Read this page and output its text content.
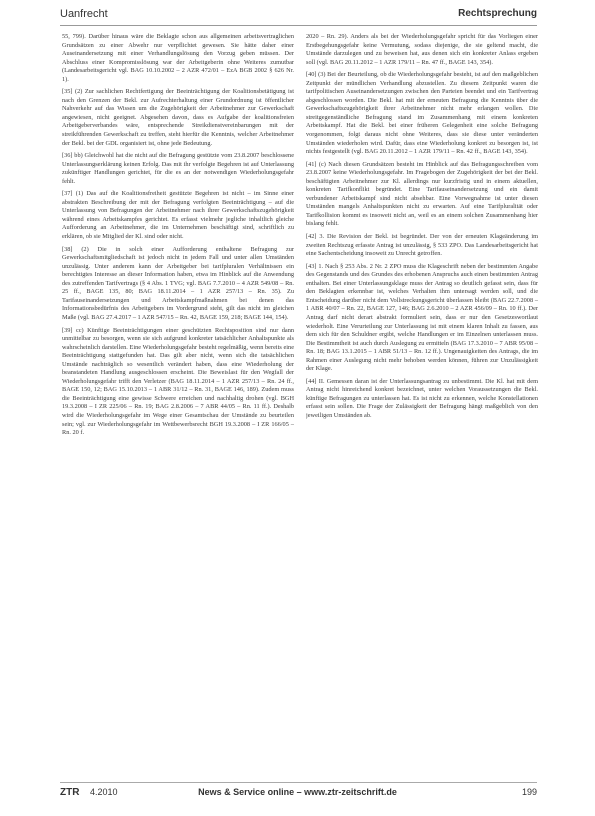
Uanfrecht	Rechtsprechung

55, 799). Darüber hinaus wäre die Beklagte schon aus allgemeinen arbeitsvertraglichen Grundsätzen zu einer Abwehr nur verpflichtet gewesen. Sie hätte daher einer Auseinandersetzung mit einer Verhandlungslösung den Vorzug geben müssen. Der Abschluss einer Kompromisslösung war der Arbeitgeberin ohne Weiteres zumutbar (Landesarbeitsgericht vgl. BAG 10.10.2002 – 2 AZR 472/01 – EzA BGB 2002 § 626 Nr. 1).

[35] (2) Zur sachlichen Rechtfertigung der Beeinträchtigung der Koalitionsbetätigung ist nach den Grenzen der Bekl. zur Aufrechterhaltung einer Grundordnung ist öffentlicher Nahverkehr auf das Wissen um die Zugehörigkeit der Arbeitnehmer zur Gewerkschaft angewiesen, nicht geeignet. Abgesehen davon, dass es Aufgabe der koalitionsfreien Arbeitgeberverbandes wäre, entsprechende Streikdienstvereinbarungen mit der streikführenden Gewerkschaft zu treffen, steht hierfür die Kenntnis, welcher Arbeitnehmer der Bekl. bei der GDL organisiert ist, ohne jede Bedeutung.

[36] bb) Gleichwohl hat die nicht auf die Befragung gestützte vom 23.8.2007 beschlossene Unterlassungserklärung keinen Erfolg. Das mit ihr verfolgte Begehren ist auf Unterlassung zukünftiger Handlungen gerichtet, für die es an der notwendigen Wiederholungsgefahr fehlt.

[37] (1) Das auf die Koalitionsfreiheit gestützte Begehren ist nicht – im Sinne einer abstrakten Beschreibung der mit der Befragung verfolgten Beeinträchtigung – auf die Unterlassung von Befragungen der Arbeitnehmer nach ihrer Gewerkschaftszugehörigkeit während eines Arbeitskampfes gerichtet. Es erfasst vielmehr jegliche inhaltlich gleiche Aufforderung an Arbeitnehmer, die im Unternehmen beschäftigt sind, schriftlich zu erklären, ob sie Mitglied der Kl. sind oder nicht.

[38] (2) Die in solch einer Aufforderung enthaltene Befragung zur Gewerkschaftsmitgliedschaft ist jedoch nicht in jedem Fall und unter allen Umständen unzulässig. Unter anderem kann der Arbeitgeber bei tarifpluralen Verhältnissen ein berechtigtes Interesse an dieser Information haben, etwa im Hinblick auf die Anwendung des zutreffenden Tarifvertrags (§ 4 Abs. 1 TVG; vgl. BAG 7.7.2010 – 4 AZR 549/08 – Rn. 25 ff., BAGE 135, 80; BAG 18.11.2014 – 1 AZR 257/13 – Rn. 35). Zu Tarifauseinandersetzungen und Arbeitskampfmaßnahmen bei denen das Informationsbedürfnis des Arbeitgebers im Vordergrund steht, gilt das nicht im gleichen Maße (vgl. BAG 27.4.2017 – 1 AZR 547/15 – Rn. 42, BAGE 159, 218; BAGE 144, 154).

[39] cc) Künftige Beeinträchtigungen einer geschützten Rechtsposition sind nur dann unmittelbar zu besorgen, wenn sie sich aufgrund konkreter tatsächlicher Anhaltspunkte als wahrscheinlich darstellen. Eine Wiederholungsgefahr besteht regelmäßig, wenn bereits eine Beeinträchtigung stattgefunden hat. Das gilt aber nicht, wenn sich die tatsächlichen Umstände nachträglich so wesentlich verändert haben, dass eine Wiederholung der beanstandeten Handlung ausgeschlossen erscheint. Die Beweislast für den Wegfall der Wiederholungsgefahr trifft den Verletzer (BAG 18.11.2014 – 1 AZR 257/13 – Rn. 24 ff., BAGE 150, 12; BAG 15.10.2013 – 1 ABR 31/12 – Rn. 31, BAGE 146, 189). Zudem muss die Beeinträchtigung eine gewisse Schwere erreichen und nachhaltig drohen (vgl. BGH 19.3.2008 – I ZR 225/06 – Rn. 19; BAG 2.8.2006 – 7 ABR 44/05 – Rn. 11 ff.). Deshalb wird die Wiederholungsgefahr im Wege einer Gesamtschau der Umstände zu beurteilen sein; vgl. zur Wiederholungsgefahr im Wettbewerbsrecht BGH 19.3.2008 – I ZR 166/05 – Rn. 20 f.

2020 – Rn. 29). Anders als bei der Wiederholungsgefahr spricht für das Vorliegen einer Erstbegehungsgefahr keine Vermutung, sodass diejenige, die sie geltend macht, die Umstände darzulegen und zu beweisen hat, aus denen sich ein konkreter Anlass ergeben soll (vgl. BAG 20.11.2012 – 1 AZR 179/11 – Rn. 47 ff., BAGE 143, 354).

[40] (3) Bei der Beurteilung, ob die Wiederholungsgefahr besteht, ist auf den maßgeblichen Zeitpunkt der mündlichen Verhandlung abzustellen. Zu diesem Zeitpunkt waren die tarifpolitischen Auseinandersetzungen zwischen den Parteien beendet und ein Tarifvertrag abgeschlossen worden. Die Bekl. hat mit der erneuten Befragung die Kenntnis über die Gewerkschaftszugehörigkeit ihrer Arbeitnehmer nicht mehr erlangen wollen. Die streitgegenständliche Befragung stand im Zusammenhang mit einem konkreten Arbeitskampf. Hat die Bekl. bei einer früheren Gelegenheit eine solche Befragung vorgenommen, folgt daraus nicht ohne Weiteres, dass sie diese unter veränderten Umständen wiederholen wird. Dafür, dass eine Wiederholung konkret zu besorgen ist, ist nichts festgestellt (vgl. BAG 20.11.2012 – 1 AZR 179/11 – Rn. 42 ff., BAGE 143, 354).

[41] (c) Nach diesen Grundsätzen besteht im Hinblick auf das Befragungsschreiben vom 23.8.2007 keine Wiederholungsgefahr. Im Fragebogen der Zugehörigkeit der bei der Bekl. beschäftigten Arbeitnehmer zur Kl. allerdings nur kurzfristig und in einem aktuellen, konkreten Tarifkonflikt begründet. Eine Tarifauseinandersetzung und ein damit verbundener Arbeitskampf sind nicht absehbar. Eine Vorwegnahme ist unter diesen Umständen mangels Anhaltspunkten nicht zu erwarten. Auf eine Tarifpluralität oder Tarifkollision kommt es insoweit nicht an, weil es an einem solchen Zusammenhang hier bislang fehlt.

[42] 3. Die Revision der Bekl. ist begründet. Der von der erneuten Klageänderung im zweiten Rechtszug erfasste Antrag ist unzulässig, § 533 ZPO. Das Landesarbeitsgericht hat eine Sachentscheidung insoweit zu Unrecht getroffen.

[43] 1. Nach § 253 Abs. 2 Nr. 2 ZPO muss die Klageschrift neben der bestimmten Angabe des Gegenstands und des Grundes des erhobenen Anspruchs auch einen bestimmten Antrag enthalten. Bei einer Unterlassungsklage muss der Antrag so deutlich gefasst sein, dass für den Beklagten erkennbar ist, welches Verhalten ihm untersagt werden soll, und die Entscheidung darüber nicht dem Vollstreckungsgericht überlassen bleibt (BAG 22.7.2008 – 1 ABR 40/07 – Rn. 22, BAGE 127, 146; BAG 2.6.2010 – 2 AZR 456/09 – Rn. 10 ff.). Der Antrag darf nicht derart abstrakt formuliert sein, dass er nur den Gesetzeswortlaut wiederholt. Eine Verurteilung zur Unterlassung ist mit einem klaren Inhalt zu fassen, aus dem sich für den Schuldner ergibt, welche Handlungen er im Einzelnen unterlassen muss. Die Bestimmtheit ist auch durch Auslegung zu ermitteln (BAG 17.3.2010 – 7 ABR 95/08 – Rn. 18; BAG 13.1.2015 – 1 ABR 51/13 – Rn. 12 ff.). Ungenauigkeiten des Antrags, die im Rahmen einer Auslegung nicht mehr behoben werden können, führen zur Unzulässigkeit der Klage.

[44] II. Gemessen daran ist der Unterlassungsantrag zu unbestimmt. Die Kl. hat mit dem Antrag nicht hinreichend konkret bezeichnet, unter welchen Voraussetzungen die Bekl. künftige Befragungen zu unterlassen hat. Es ist nicht zu erkennen, welche Konstellationen erfasst sein sollen. Die Frage der Zulässigkeit der Befragung hängt maßgeblich von den jeweiligen Umständen ab.

ZTR 4.2010	News & Service online – www.ztr-zeitschrift.de	199
